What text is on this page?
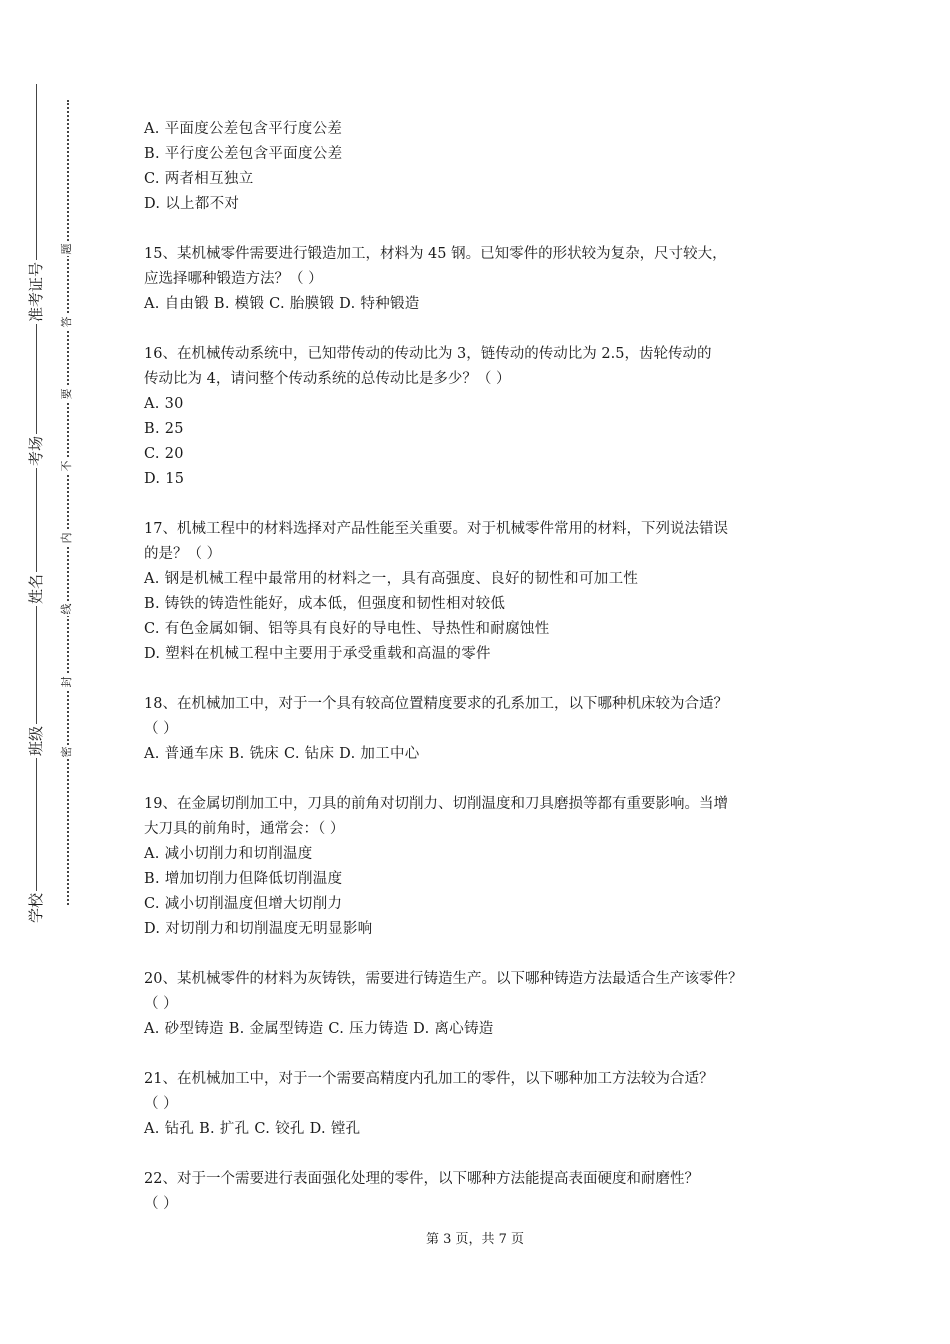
学校
班级
姓名
考场
准考证号
密
封
线
内
不
要
答
题

A. 平面度公差包含平行度公差

B. 平行度公差包含平面度公差

C. 两者相互独立

D. 以上都不对

15、某机械零件需要进行锻造加工，材料为 45 钢。已知零件的形状较为复杂，尺寸较大，

应选择哪种锻造方法？（ ）

A. 自由锻 B. 模锻 C. 胎膜锻 D. 特种锻造

16、在机械传动系统中，已知带传动的传动比为 3，链传动的传动比为 2.5，齿轮传动的

传动比为 4，请问整个传动系统的总传动比是多少？（ ）

A. 30

B. 25

C. 20

D. 15

17、机械工程中的材料选择对产品性能至关重要。对于机械零件常用的材料，下列说法错误

的是？（ ）

A. 钢是机械工程中最常用的材料之一，具有高强度、良好的韧性和可加工性

B. 铸铁的铸造性能好，成本低，但强度和韧性相对较低

C. 有色金属如铜、铝等具有良好的导电性、导热性和耐腐蚀性

D. 塑料在机械工程中主要用于承受重载和高温的零件

18、在机械加工中，对于一个具有较高位置精度要求的孔系加工，以下哪种机床较为合适？

（ ）

A. 普通车床 B. 铣床 C. 钻床 D. 加工中心

19、在金属切削加工中，刀具的前角对切削力、切削温度和刀具磨损等都有重要影响。当增

大刀具的前角时，通常会：（ ）

A. 减小切削力和切削温度

B. 增加切削力但降低切削温度

C. 减小切削温度但增大切削力

D. 对切削力和切削温度无明显影响

20、某机械零件的材料为灰铸铁，需要进行铸造生产。以下哪种铸造方法最适合生产该零件？

（ ）

A. 砂型铸造 B. 金属型铸造 C. 压力铸造 D. 离心铸造

21、在机械加工中，对于一个需要高精度内孔加工的零件，以下哪种加工方法较为合适？

（ ）

A. 钻孔 B. 扩孔 C. 铰孔 D. 镗孔

22、对于一个需要进行表面强化处理的零件，以下哪种方法能提高表面硬度和耐磨性？

（ ）

第 3 页，共 7 页
